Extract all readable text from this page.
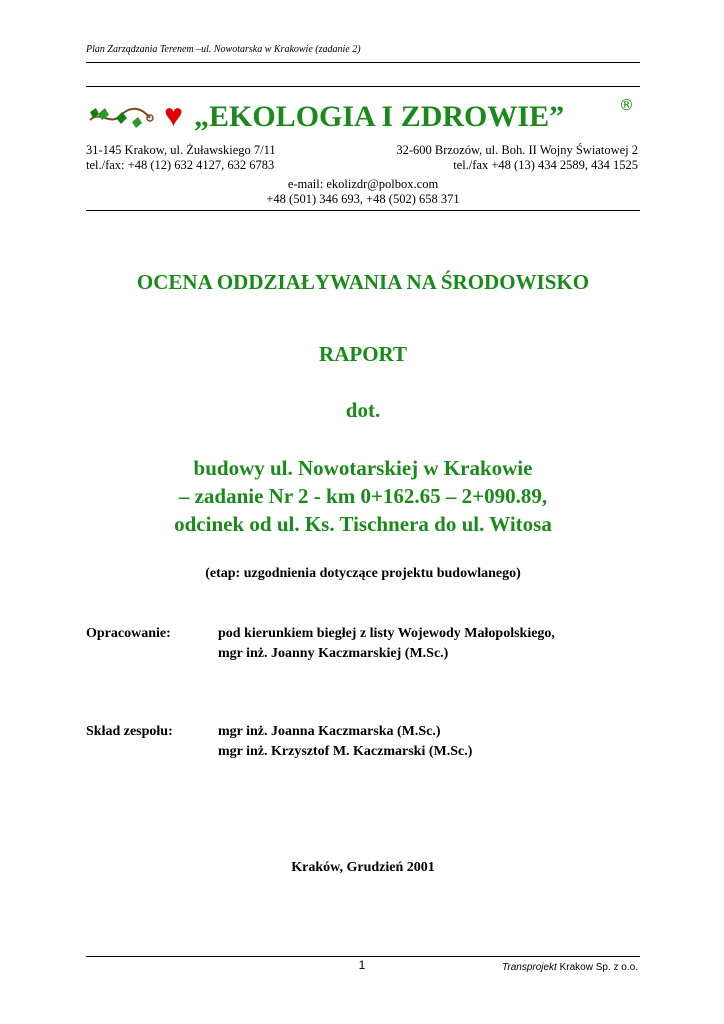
Plan Zarządzania Terenem –ul. Nowotarska w Krakowie (zadanie 2)
♥ „EKOLOGIA I ZDROWIE”	®
31-145 Krakow, ul. Żuławskiego 7/11
tel./fax: +48 (12) 632 4127, 632 6783
32-600 Brzozów, ul. Boh. II Wojny Światowej 2
tel./fax +48 (13) 434 2589, 434 1525
e-mail: ekolizdr@polbox.com
+48 (501) 346 693, +48 (502) 658 371
OCENA ODDZIAŁYWANIA NA ŚRODOWISKO
RAPORT
dot.
budowy ul. Nowotarskiej w Krakowie
– zadanie Nr 2 - km 0+162.65 – 2+090.89,
odcinek od ul. Ks. Tischnera do ul. Witosa
(etap: uzgodnienia dotyczące projektu budowlanego)
Opracowanie:	pod kierunkiem biegłej z listy Wojewody Małopolskiego,
mgr inż. Joanny Kaczmarskiej (M.Sc.)
Skład zespołu:	mgr inż. Joanna Kaczmarska (M.Sc.)
mgr inż. Krzysztof M. Kaczmarski (M.Sc.)
Kraków, Grudzień 2001
1	Transprojekt Krakow Sp. z o.o.
